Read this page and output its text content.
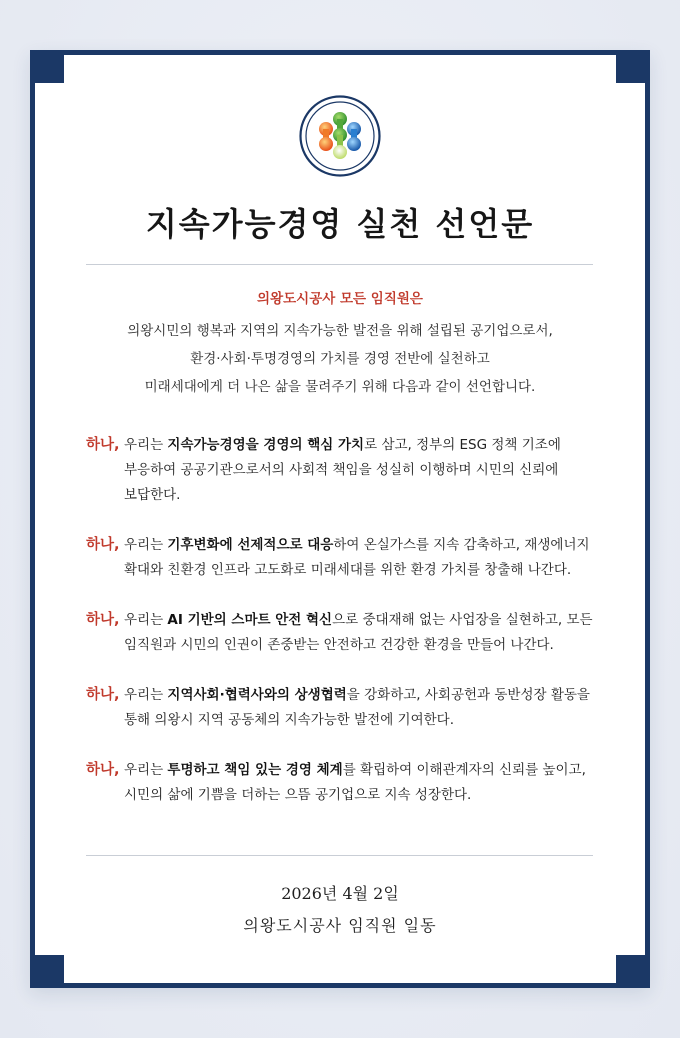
지속가능경영 실천 선언문
의왕도시공사 모든 임직원은
의왕시민의 행복과 지역의 지속가능한 발전을 위해 설립된 공기업으로서,
환경·사회·투명경영의 가치를 경영 전반에 실천하고
미래세대에게 더 나은 삶을 물려주기 위해 다음과 같이 선언합니다.
하나, 우리는 지속가능경영을 경영의 핵심 가치로 삼고, 정부의 ESG 정책 기조에
부응하여 공공기관으로서의 사회적 책임을 성실히 이행하며 시민의 신뢰에
보답한다.
하나, 우리는 기후변화에 선제적으로 대응하여 온실가스를 지속 감축하고, 재생에너지
확대와 친환경 인프라 고도화로 미래세대를 위한 환경 가치를 창출해 나간다.
하나, 우리는 AI 기반의 스마트 안전 혁신으로 중대재해 없는 사업장을 실현하고, 모든
임직원과 시민의 인권이 존중받는 안전하고 건강한 환경을 만들어 나간다.
하나, 우리는 지역사회·협력사와의 상생협력을 강화하고, 사회공헌과 동반성장 활동을
통해 의왕시 지역 공동체의 지속가능한 발전에 기여한다.
하나, 우리는 투명하고 책임 있는 경영 체계를 확립하여 이해관계자의 신뢰를 높이고,
시민의 삶에 기쁨을 더하는 으뜸 공기업으로 지속 성장한다.
2026년 4월 2일
의왕도시공사 임직원 일동
